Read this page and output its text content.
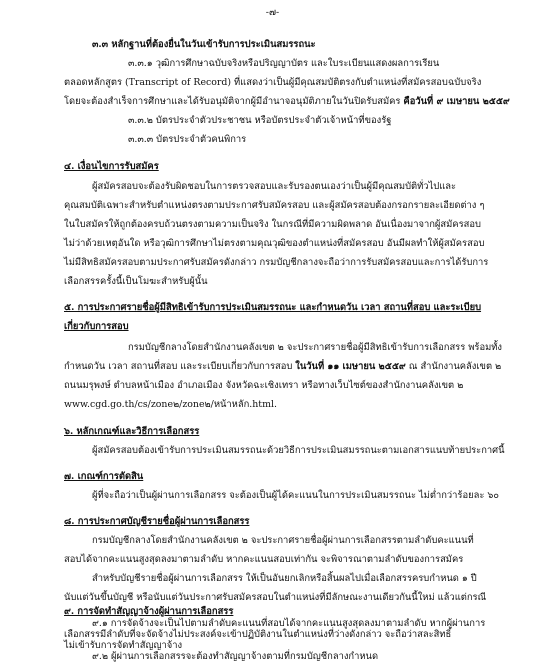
-๗-
๓.๓ หลักฐานที่ต้องยื่นในวันเข้ารับการประเมินสมรรถนะ
๓.๓.๑ วุฒิการศึกษาฉบับจริงหรือปริญญาบัตร และใบระเบียนแสดงผลการเรียน
ตลอดหลักสูตร (Transcript of Record) ที่แสดงว่าเป็นผู้มีคุณสมบัติตรงกับตำแหน่งที่สมัครสอบฉบับจริง
โดยจะต้องสำเร็จการศึกษาและได้รับอนุมัติจากผู้มีอำนาจอนุมัติภายในวันปิดรับสมัคร คือวันที่ ๙ เมษายน ๒๕๕๙
๓.๓.๒ บัตรประจำตัวประชาชน หรือบัตรประจำตัวเจ้าหน้าที่ของรัฐ
๓.๓.๓ บัตรประจำตัวคนพิการ
๔. เงื่อนไขการรับสมัคร
ผู้สมัครสอบจะต้องรับผิดชอบในการตรวจสอบและรับรองตนเองว่าเป็นผู้มีคุณสมบัติทั่วไปและ
คุณสมบัติเฉพาะสำหรับตำแหน่งตรงตามประกาศรับสมัครสอบ และผู้สมัครสอบต้องกรอกรายละเอียดต่าง ๆ
ในใบสมัครให้ถูกต้องครบถ้วนตรงตามความเป็นจริง ในกรณีที่มีความผิดพลาด อันเนื่องมาจากผู้สมัครสอบ
ไม่ว่าด้วยเหตุอันใด หรือวุฒิการศึกษาไม่ตรงตามคุณวุฒิของตำแหน่งที่สมัครสอบ อันมีผลทำให้ผู้สมัครสอบ
ไม่มีสิทธิสมัครสอบตามประกาศรับสมัครดังกล่าว กรมบัญชีกลางจะถือว่าการรับสมัครสอบและการได้รับการ
เลือกสรรครั้งนี้เป็นโมฆะสำหรับผู้นั้น
๕. การประกาศรายชื่อผู้มีสิทธิเข้ารับการประเมินสมรรถนะ และกำหนดวัน เวลา สถานที่สอบ และระเบียบ
เกี่ยวกับการสอบ
กรมบัญชีกลางโดยสำนักงานคลังเขต ๒ จะประกาศรายชื่อผู้มีสิทธิเข้ารับการเลือกสรร พร้อมทั้ง
กำหนดวัน เวลา สถานที่สอบ และระเบียบเกี่ยวกับการสอบ ในวันที่ ๑๑ เมษายน ๒๕๕๙ ณ สำนักงานคลังเขต ๒
ถนนมรุพงษ์ ตำบลหน้าเมือง อำเภอเมือง จังหวัดฉะเชิงเทรา หรือทางเว็บไซต์ของสำนักงานคลังเขต ๒
www.cgd.go.th/cs/zone๒/zone๒/หน้าหลัก.html.
๖. หลักเกณฑ์และวิธีการเลือกสรร
ผู้สมัครสอบต้องเข้ารับการประเมินสมรรถนะด้วยวิธีการประเมินสมรรถนะตามเอกสารแนบท้ายประกาศนี้
๗. เกณฑ์การตัดสิน
ผู้ที่จะถือว่าเป็นผู้ผ่านการเลือกสรร จะต้องเป็นผู้ได้คะแนนในการประเมินสมรรถนะ ไม่ต่ำกว่าร้อยละ ๖๐
๘. การประกาศบัญชีรายชื่อผู้ผ่านการเลือกสรร
กรมบัญชีกลางโดยสำนักงานคลังเขต ๒ จะประกาศรายชื่อผู้ผ่านการเลือกสรรตามลำดับคะแนนที่
สอบได้จากคะแนนสูงสุดลงมาตามลำดับ หากคะแนนสอบเท่ากัน จะพิจารณาตามลำดับของการสมัคร
สำหรับบัญชีรายชื่อผู้ผ่านการเลือกสรร ให้เป็นอันยกเลิกหรือสิ้นผลไปเมื่อเลือกสรรครบกำหนด ๑ ปี
นับแต่วันขึ้นบัญชี หรือนับแต่วันประกาศรับสมัครสอบในตำแหน่งที่มีลักษณะงานเดียวกันนี้ใหม่ แล้วแต่กรณี
๙. การจัดทำสัญญาจ้างผู้ผ่านการเลือกสรร
๙.๑ การจัดจ้างจะเป็นไปตามลำดับคะแนนที่สอบได้จากคะแนนสูงสุดลงมาตามลำดับ หากผู้ผ่านการ
เลือกสรรมีลำดับที่จะจัดจ้างไม่ประสงค์จะเข้าปฏิบัติงานในตำแหน่งที่ว่างดังกล่าว จะถือว่าสละสิทธิ์
ไม่เข้ารับการจัดทำสัญญาจ้าง
๙.๒ ผู้ผ่านการเลือกสรรจะต้องทำสัญญาจ้างตามที่กรมบัญชีกลางกำหนด
